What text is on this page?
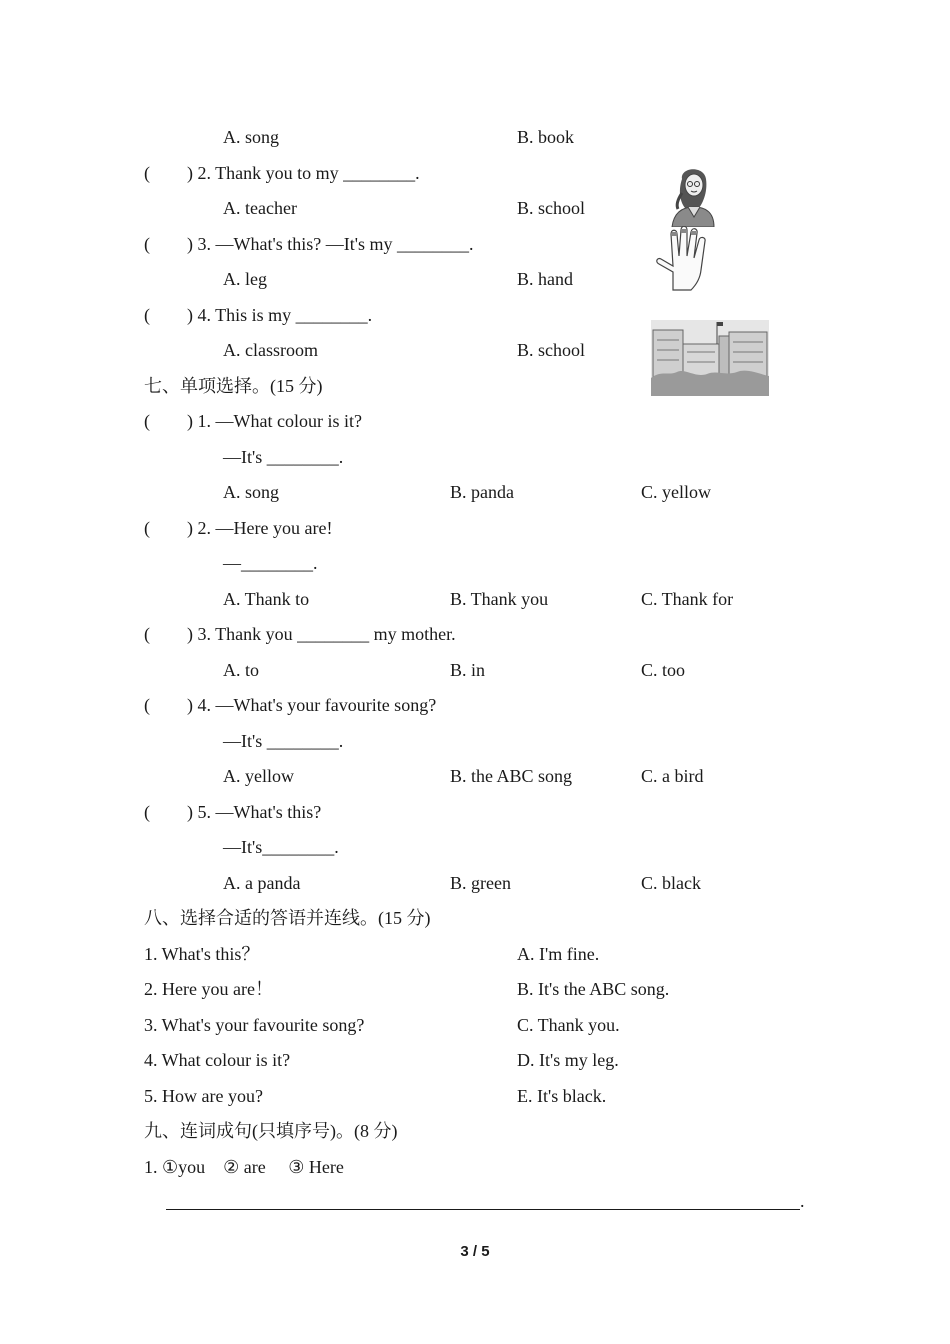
A. song	B. book
( ) 2. Thank you to my ________.
A. teacher	B. school
( ) 3. —What's this? —It's my ________.
A. leg	B. hand
( ) 4. This is my ________.
A. classroom	B. school
七、单项选择。(15 分)
( ) 1. —What colour is it?
—It's ________.
A. song	B. panda	C. yellow
( ) 2. —Here you are!
—________.
A. Thank to	B. Thank you	C. Thank for
( ) 3. Thank you ________ my mother.
A. to	B. in	C. too
( ) 4. —What's your favourite song?
—It's ________.
A. yellow	B. the ABC song	C. a bird
( ) 5. —What's this?
—It's________.
A. a panda	B. green	C. black
八、选择合适的答语并连线。(15 分)
1. What's this？	A. I'm fine.
2. Here you are！	B. It's the ABC song.
3. What's your favourite song?	C. Thank you.
4. What colour is it?	D. It's my leg.
5. How are you?	E. It's black.
九、连词成句(只填序号)。(8 分)
1. ①you    ② are     ③ Here
.
3 / 5
